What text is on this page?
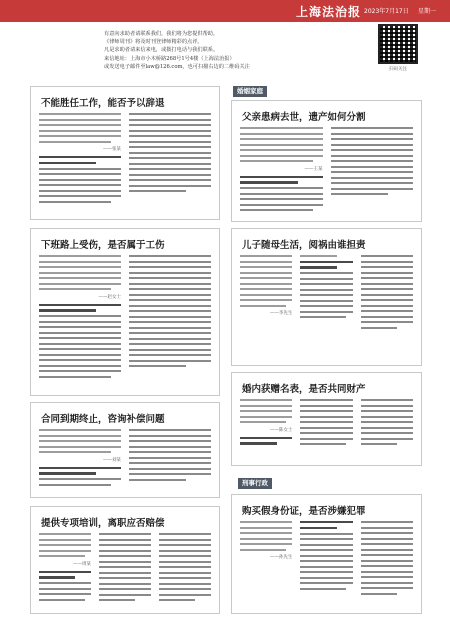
上海法治报 2023年7月17日 星期一

有意向求助者请联系我们，我们将为您提供帮助。

《律师周刊》将及时刊登律师精彩的点评。

凡是求助者请来信来电，或拨打电话与我们联系。

来信地址：上海市小木桥路268号1号4楼（上海法治报）

或发送电子邮件至law@126.com，也可扫描右边的二维码关注	扫码关注
不能胜任工作，能否予以辞退
——张某
婚姻家庭
父亲患病去世，遗产如何分割
——王某
下班路上受伤，是否属于工伤
——赵女士
儿子随母生活，阅祸由谁担责
——李先生
婚内获赠名表，是否共同财产
——陈女士
合同到期终止，咨询补偿问题
——刘某
刑事行政
提供专项培训，离职应否赔偿
——周某
购买假身份证，是否涉嫌犯罪
——孙先生
